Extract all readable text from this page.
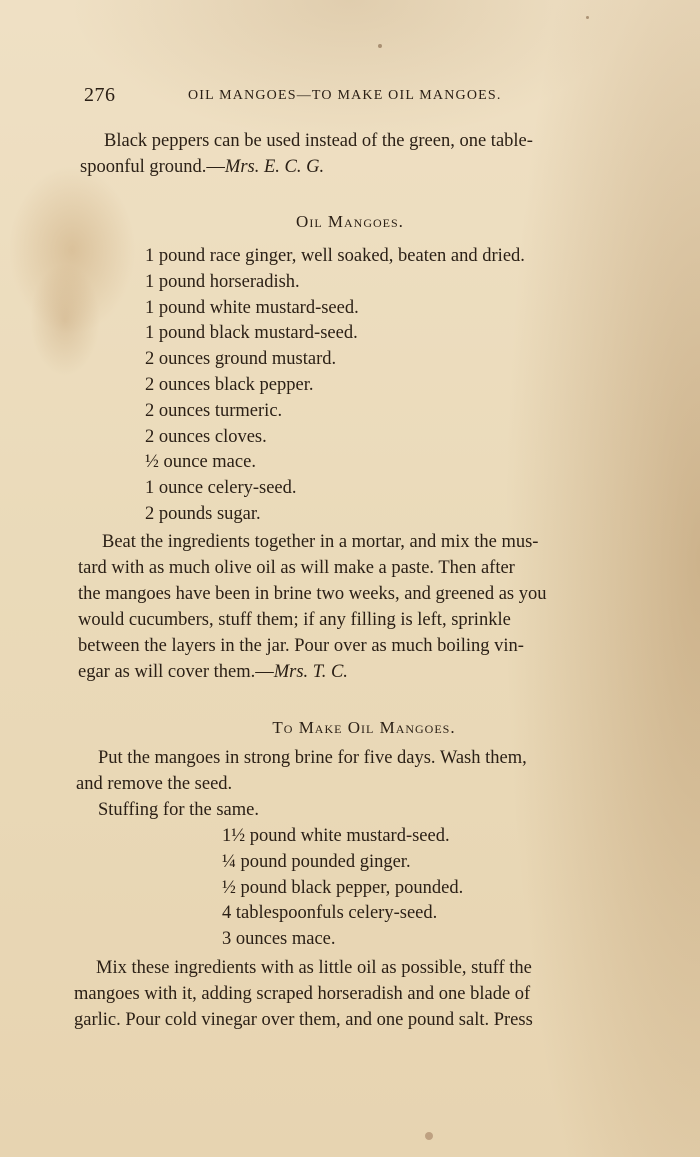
276	OIL MANGOES—TO MAKE OIL MANGOES.
Black peppers can be used instead of the green, one table-
spoonful ground.—Mrs. E. C. G.
Oil Mangoes.
1 pound race ginger, well soaked, beaten and dried.
1 pound horseradish.
1 pound white mustard-seed.
1 pound black mustard-seed.
2 ounces ground mustard.
2 ounces black pepper.
2 ounces turmeric.
2 ounces cloves.
½ ounce mace.
1 ounce celery-seed.
2 pounds sugar.
Beat the ingredients together in a mortar, and mix the mus-
tard with as much olive oil as will make a paste. Then after
the mangoes have been in brine two weeks, and greened as you
would cucumbers, stuff them; if any filling is left, sprinkle
between the layers in the jar. Pour over as much boiling vin-
egar as will cover them.—Mrs. T. C.
To Make Oil Mangoes.
Put the mangoes in strong brine for five days. Wash them,
and remove the seed.
Stuffing for the same.
1½ pound white mustard-seed.
¼ pound pounded ginger.
½ pound black pepper, pounded.
4 tablespoonfuls celery-seed.
3 ounces mace.
Mix these ingredients with as little oil as possible, stuff the
mangoes with it, adding scraped horseradish and one blade of
garlic. Pour cold vinegar over them, and one pound salt. Press
